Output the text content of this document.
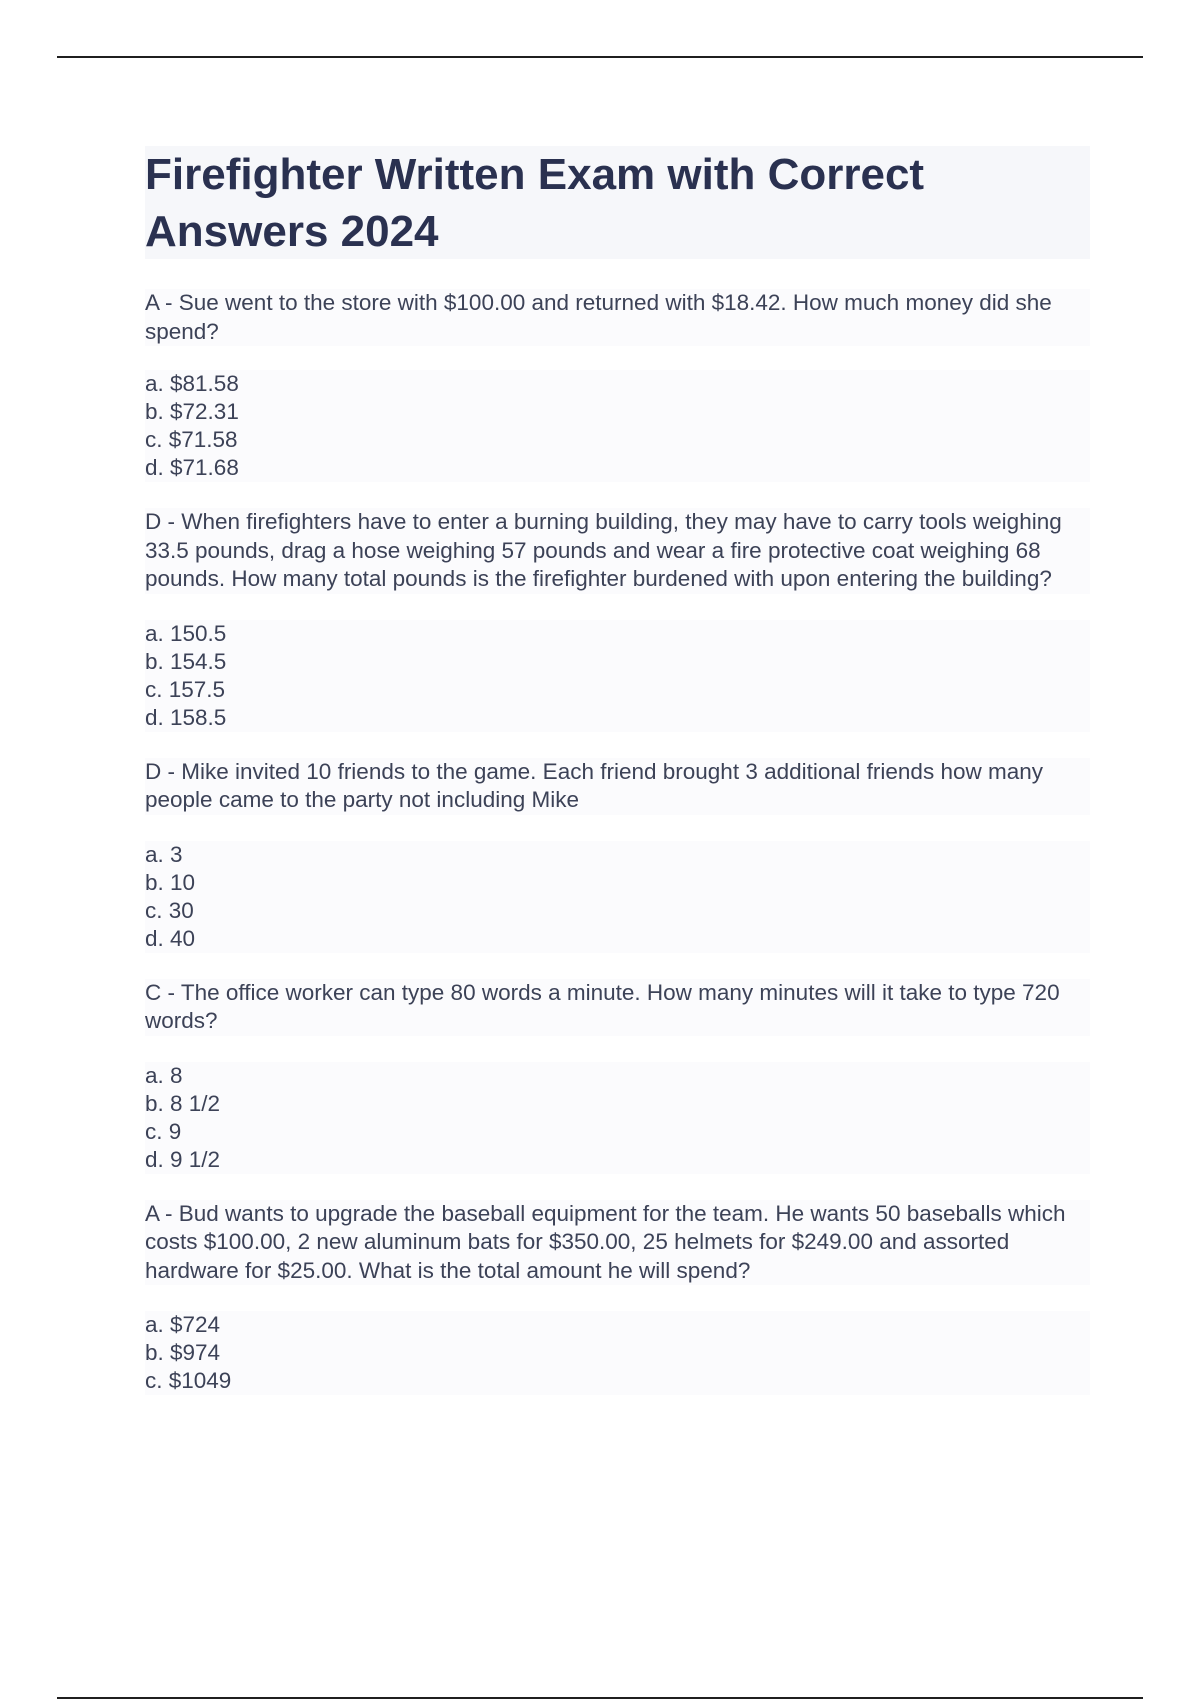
Firefighter Written Exam with Correct Answers 2024

A - Sue went to the store with $100.00 and returned with $18.42. How much money did she spend?

a. $81.58
b. $72.31
c. $71.58
d. $71.68

D - When firefighters have to enter a burning building, they may have to carry tools weighing 33.5 pounds, drag a hose weighing 57 pounds and wear a fire protective coat weighing 68 pounds. How many total pounds is the firefighter burdened with upon entering the building?

a. 150.5
b. 154.5
c. 157.5
d. 158.5

D - Mike invited 10 friends to the game. Each friend brought 3 additional friends how many people came to the party not including Mike

a. 3
b. 10
c. 30
d. 40

C - The office worker can type 80 words a minute. How many minutes will it take to type 720 words?

a. 8
b. 8 1/2
c. 9
d. 9 1/2

A - Bud wants to upgrade the baseball equipment for the team. He wants 50 baseballs which costs $100.00, 2 new aluminum bats for $350.00, 25 helmets for $249.00 and assorted hardware for $25.00. What is the total amount he will spend?

a. $724
b. $974
c. $1049
